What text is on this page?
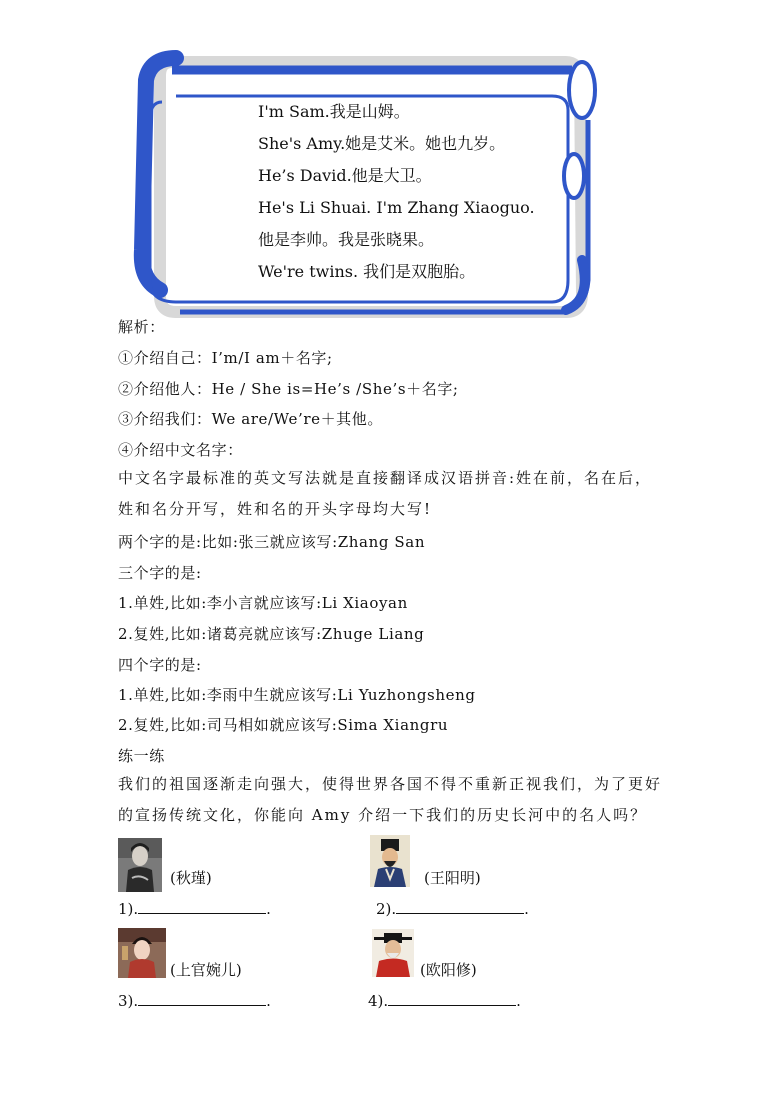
I'm Sam.我是山姆。
She's Amy.她是艾米。她也九岁。
He’s David.他是大卫。
He's Li Shuai. I'm Zhang Xiaoguo.
他是李帅。我是张晓果。
We're twins. 我们是双胞胎。
解析：
①介绍自己：I’m/I am＋名字;
②介绍他人：He / She is=He’s /She’s＋名字;
③介绍我们：We are/We’re＋其他。
④介绍中文名字：
中文名字最标准的英文写法就是直接翻译成汉语拼音:姓在前，名在后，姓和名分开写，姓和名的开头字母均大写!
两个字的是:比如:张三就应该写:Zhang San
三个字的是:
1.单姓,比如:李小言就应该写:Li Xiaoyan
2.复姓,比如:诸葛亮就应该写:Zhuge Liang
四个字的是:
1.单姓,比如:李雨中生就应该写:Li Yuzhongsheng
2.复姓,比如:司马相如就应该写:Sima Xiangru
练一练
我们的祖国逐渐走向强大，使得世界各国不得不重新正视我们，为了更好的宣扬传统文化，你能向 Amy 介绍一下我们的历史长河中的名人吗？
(秋瑾)	(王阳明)
1).	.	2).	.
(上官婉儿)	(欧阳修)
3).	.	4).	.
